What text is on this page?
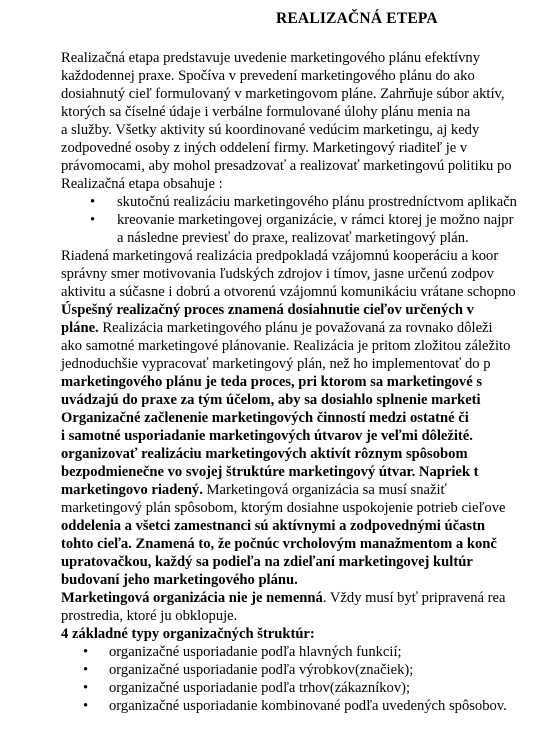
REALIZAČNÁ ETEPA

Realizačná etapa predstavuje uvedenie marketingového plánu efektívny
každodennej praxe. Spočíva v prevedení marketingového plánu do ako
dosiahnutý cieľ formulovaný v marketingovom pláne. Zahrňuje súbor aktív,
ktorých sa číselné údaje i verbálne formulované úlohy plánu menia na
a služby. Všetky aktivity sú koordinované vedúcim marketingu, aj kedy
zodpovedné osoby z iných oddelení firmy. Marketingový riaditeľ je v
právomocami, aby mohol presadzovať a realizovať marketingovú politiku po
Realizačná etapa obsahuje :

• skutočnú realizáciu marketingového plánu prostredníctvom aplikačn
• kreovanie marketingovej organizácie, v rámci ktorej je možno najpr
a následne previesť do praxe, realizovať marketingový plán.

Riadená marketingová realizácia predpokladá vzájomnú kooperáciu a koor
správny smer motivovania ľudských zdrojov i tímov, jasne určenú zodpov
aktivitu a súčasne i dobrú a otvorenú vzájomnú komunikáciu vrátane schopno

Úspešný realizačný proces znamená dosiahnutie cieľov určených v
pláne. Realizácia marketingového plánu je považovaná za rovnako dôleži
ako samotné marketingové plánovanie. Realizácia je pritom zložitou záležito
jednoduchšie vypracovať marketingový plán, než ho implementovať do p
marketingového plánu je teda proces, pri ktorom sa marketingové s
uvádzajú do praxe za tým účelom, aby sa dosiahlo splnenie marketi
Organizačné začlenenie marketingových činností medzi ostatné či
i samotné usporiadanie marketingových útvarov je veľmi dôležité.
organizovať realizáciu marketingových aktivít rôznym spôsobom
bezpodmienečne vo svojej štruktúre marketingový útvar. Napriek t
marketingovo riadený. Marketingová organizácia sa musí snažiť
marketingový plán spôsobom, ktorým dosiahne uspokojenie potrieb cieľove
oddelenia a všetci zamestnanci sú aktívnymi a zodpovednými účastn
tohto cieľa. Znamená to, že počnúc vrcholovým manažmentom a konč
upratovačkou, každý sa podieľa na zdieľaní marketingovej kultúr
budovaní jeho marketingového plánu.

Marketingová organizácia nie je nemenná. Vždy musí byť pripravená rea
prostredia, ktoré ju obklopuje.

4 základné typy organizačných štruktúr:

• organizačné usporiadanie podľa hlavných funkcií;
• organizačné usporiadanie podľa výrobkov(značiek);
• organizačné usporiadanie podľa trhov(zákazníkov);
• organizačné usporiadanie kombinované podľa uvedených spôsobov.
